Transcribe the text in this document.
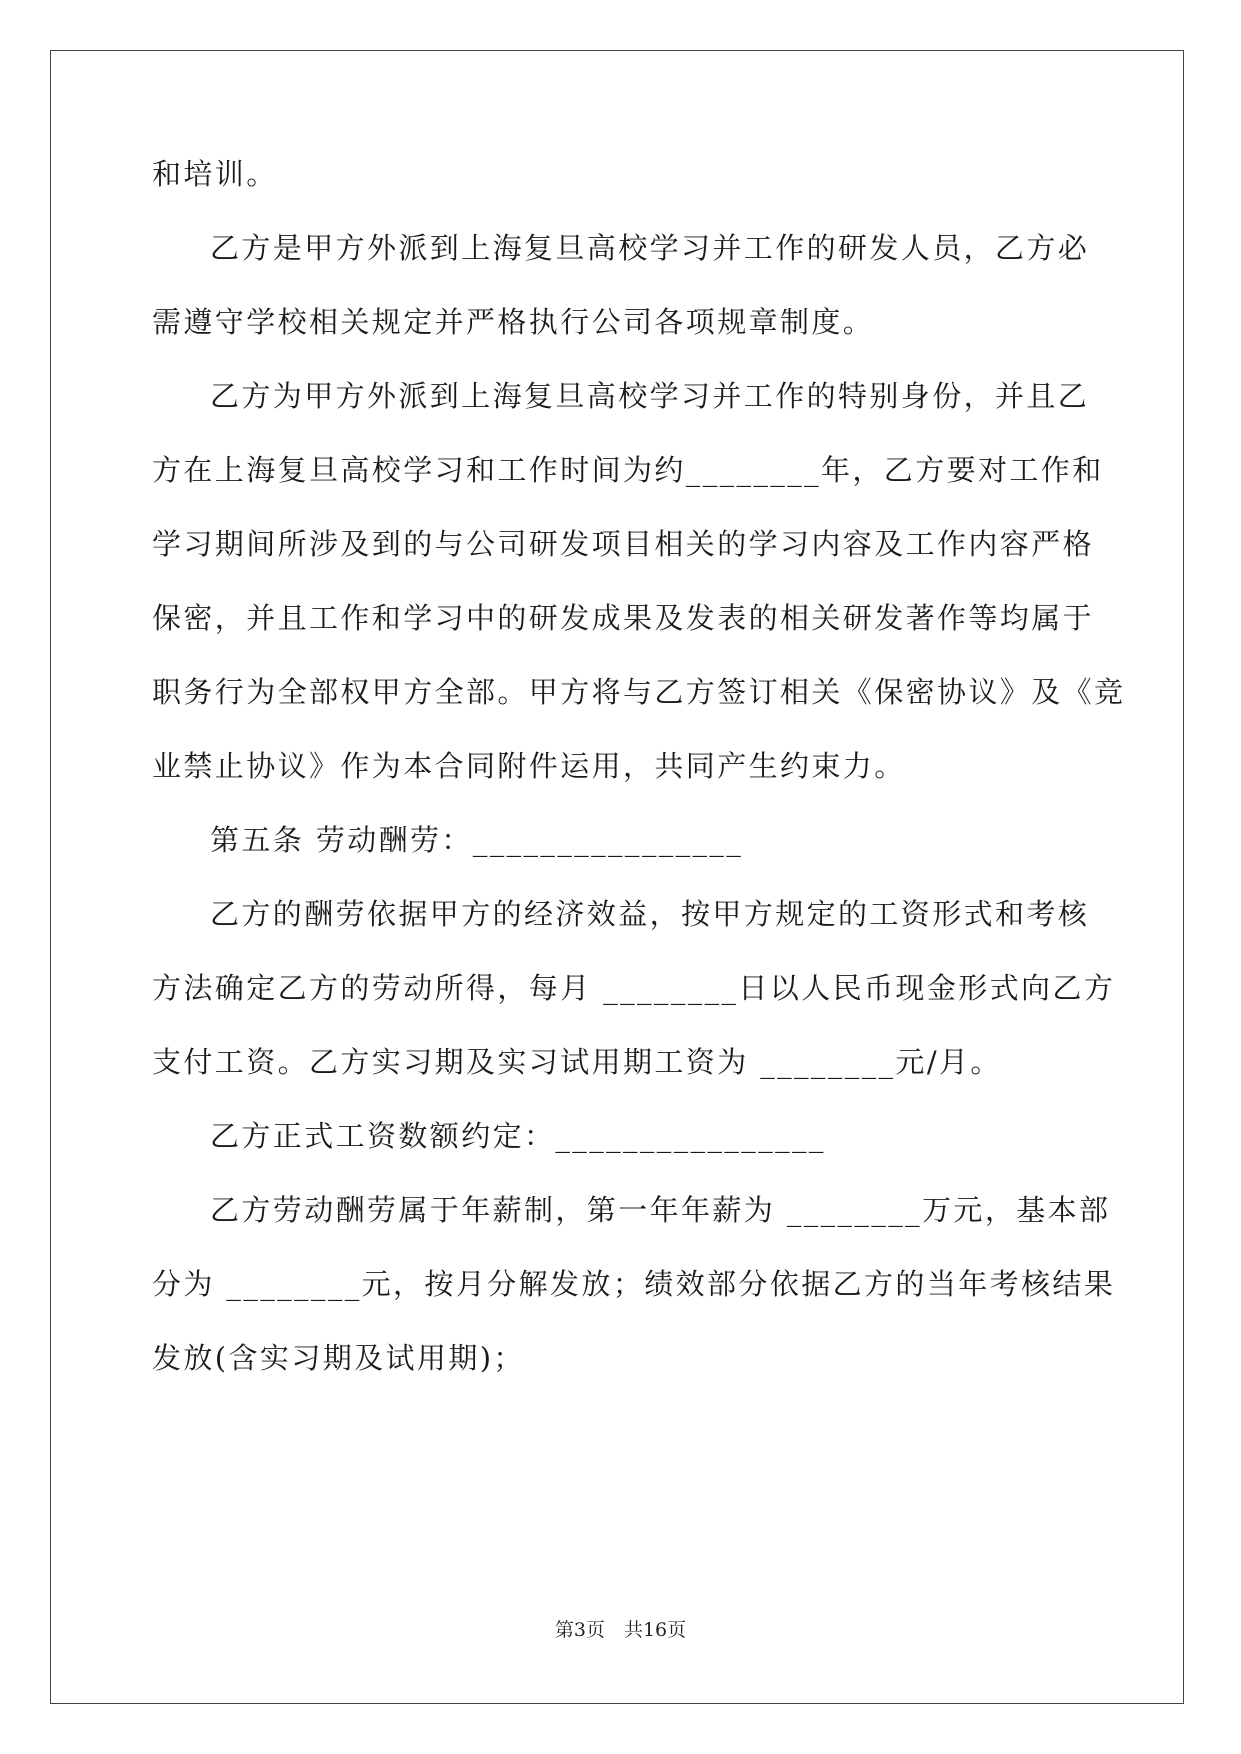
和培训。
乙方是甲方外派到上海复旦高校学习并工作的研发人员，乙方必
需遵守学校相关规定并严格执行公司各项规章制度。
乙方为甲方外派到上海复旦高校学习并工作的特别身份，并且乙
方在上海复旦高校学习和工作时间为约________年，乙方要对工作和
学习期间所涉及到的与公司研发项目相关的学习内容及工作内容严格
保密，并且工作和学习中的研发成果及发表的相关研发著作等均属于
职务行为全部权甲方全部。甲方将与乙方签订相关《保密协议》及《竞
业禁止协议》作为本合同附件运用，共同产生约束力。
第五条 劳动酬劳：________________
乙方的酬劳依据甲方的经济效益，按甲方规定的工资形式和考核
方法确定乙方的劳动所得，每月 ________日以人民币现金形式向乙方
支付工资。乙方实习期及实习试用期工资为 ________元/月。
乙方正式工资数额约定：________________
乙方劳动酬劳属于年薪制，第一年年薪为 ________万元，基本部
分为 ________元，按月分解发放；绩效部分依据乙方的当年考核结果
发放(含实习期及试用期)；
第3页　共16页
